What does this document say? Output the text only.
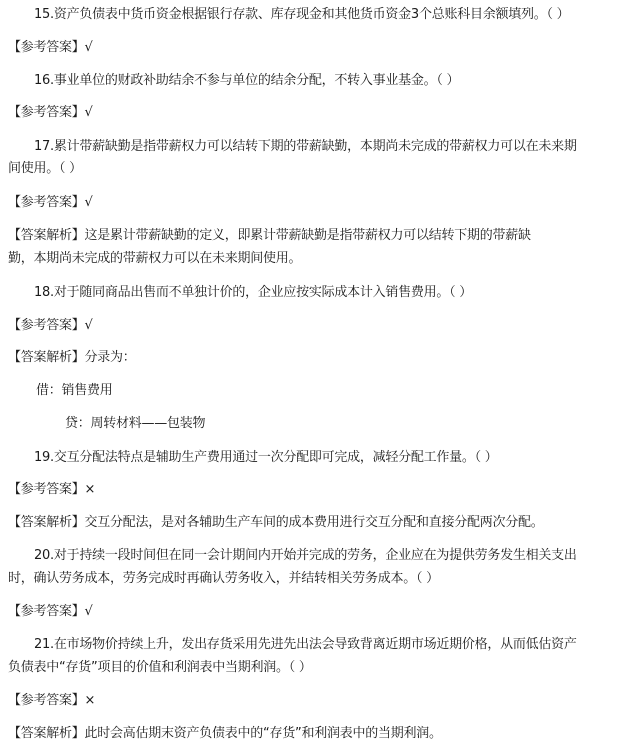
15.资产负债表中货币资金根据银行存款、库存现金和其他货币资金3个总账科目余额填列。（ ）
【参考答案】√
16.事业单位的财政补助结余不参与单位的结余分配，不转入事业基金。（ ）
【参考答案】√
17.累计带薪缺勤是指带薪权力可以结转下期的带薪缺勤，本期尚未完成的带薪权力可以在未来期
间使用。（ ）
【参考答案】√
【答案解析】这是累计带薪缺勤的定义，即累计带薪缺勤是指带薪权力可以结转下期的带薪缺
勤，本期尚未完成的带薪权力可以在未来期间使用。
18.对于随同商品出售而不单独计价的，企业应按实际成本计入销售费用。（ ）
【参考答案】√
【答案解析】分录为：
借：销售费用
贷：周转材料——包装物
19.交互分配法特点是辅助生产费用通过一次分配即可完成，减轻分配工作量。（ ）
【参考答案】×
【答案解析】交互分配法，是对各辅助生产车间的成本费用进行交互分配和直接分配两次分配。
20.对于持续一段时间但在同一会计期间内开始并完成的劳务，企业应在为提供劳务发生相关支出
时，确认劳务成本，劳务完成时再确认劳务收入，并结转相关劳务成本。（ ）
【参考答案】√
21.在市场物价持续上升，发出存货采用先进先出法会导致背离近期市场近期价格，从而低估资产
负债表中“存货”项目的价值和利润表中当期利润。（ ）
【参考答案】×
【答案解析】此时会高估期末资产负债表中的“存货”和利润表中的当期利润。
